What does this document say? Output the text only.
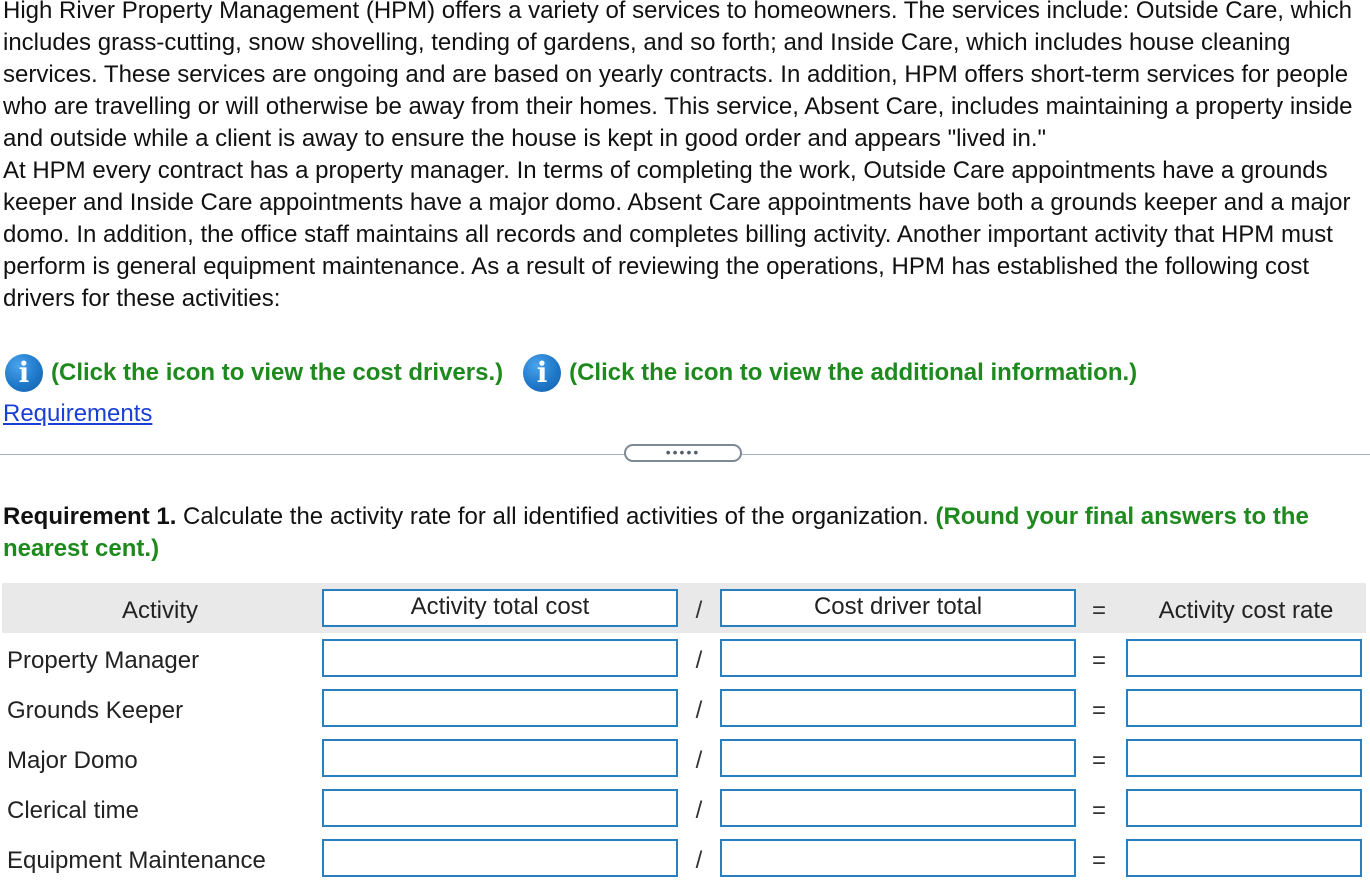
High River Property Management (HPM) offers a variety of services to homeowners. The services include: Outside Care, which includes grass-cutting, snow shovelling, tending of gardens, and so forth; and Inside Care, which includes house cleaning services. These services are ongoing and are based on yearly contracts. In addition, HPM offers short-term services for people who are travelling or will otherwise be away from their homes. This service, Absent Care, includes maintaining a property inside and outside while a client is away to ensure the house is kept in good order and appears "lived in."

At HPM every contract has a property manager. In terms of completing the work, Outside Care appointments have a grounds keeper and Inside Care appointments have a major domo. Absent Care appointments have both a grounds keeper and a major domo. In addition, the office staff maintains all records and completes billing activity. Another important activity that HPM must perform is general equipment maintenance. As a result of reviewing the operations, HPM has established the following cost drivers for these activities:

i (Click the icon to view the cost drivers.)	i (Click the icon to view the additional information.)
Requirements
•••••
Requirement 1. Calculate the activity rate for all identified activities of the organization. (Round your final answers to the nearest cent.)
Activity	Activity total cost	/	Cost driver total	=	Activity cost rate
Property Manager	/	=
Grounds Keeper	/	=
Major Domo	/	=
Clerical time	/	=
Equipment Maintenance	/	=
